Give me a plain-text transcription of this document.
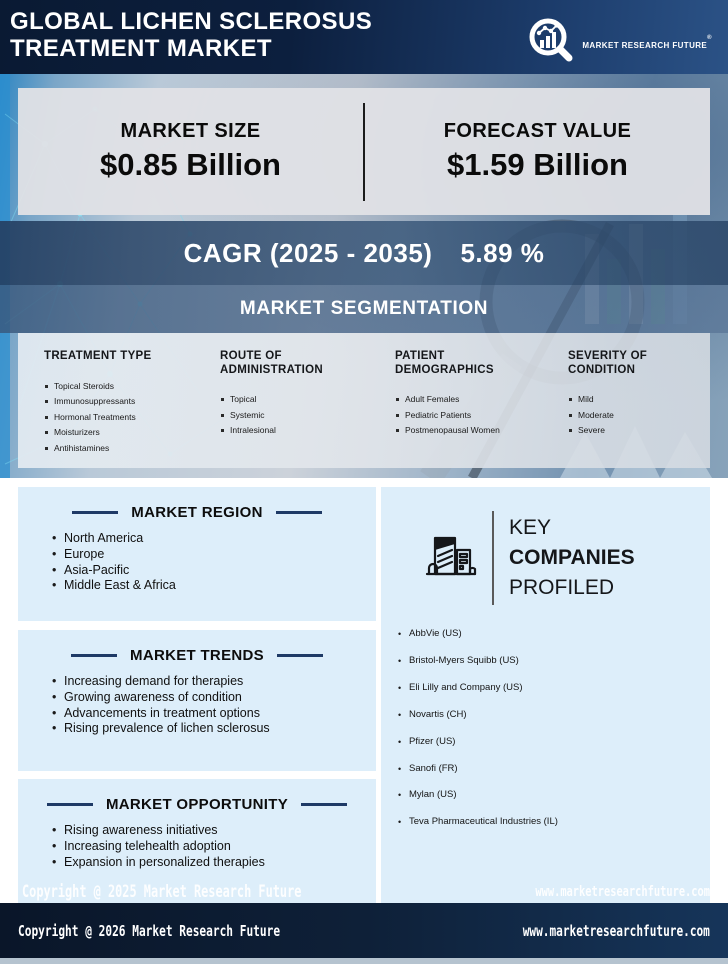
GLOBAL LICHEN SCLEROSUS
TREATMENT MARKET	MARKET RESEARCH FUTURE®
MARKET SIZE
$0.85 Billion
FORECAST VALUE
$1.59 Billion
CAGR (2025 - 2035) 5.89 %
MARKET SEGMENTATION
TREATMENT TYPE
Topical Steroids
Immunosuppressants
Hormonal Treatments
Moisturizers
Antihistamines
ROUTE OF ADMINISTRATION
Topical
Systemic
Intralesional
PATIENT DEMOGRAPHICS
Adult Females
Pediatric Patients
Postmenopausal Women
SEVERITY OF CONDITION
Mild
Moderate
Severe
MARKET REGION
• North America
• Europe
• Asia-Pacific
• Middle East & Africa
MARKET TRENDS
• Increasing demand for therapies
• Growing awareness of condition
• Advancements in treatment options
• Rising prevalence of lichen sclerosus
MARKET OPPORTUNITY
• Rising awareness initiatives
• Increasing telehealth adoption
• Expansion in personalized therapies
KEY
COMPANIES
PROFILED
• AbbVie (US)
• Bristol-Myers Squibb (US)
• Eli Lilly and Company (US)
• Novartis (CH)
• Pfizer (US)
• Sanofi (FR)
• Mylan (US)
• Teva Pharmaceutical Industries (IL)
Copyright @ 2025 Market Research Future	www.marketresearchfuture.com
Copyright @ 2026 Market Research Future	www.marketresearchfuture.com
